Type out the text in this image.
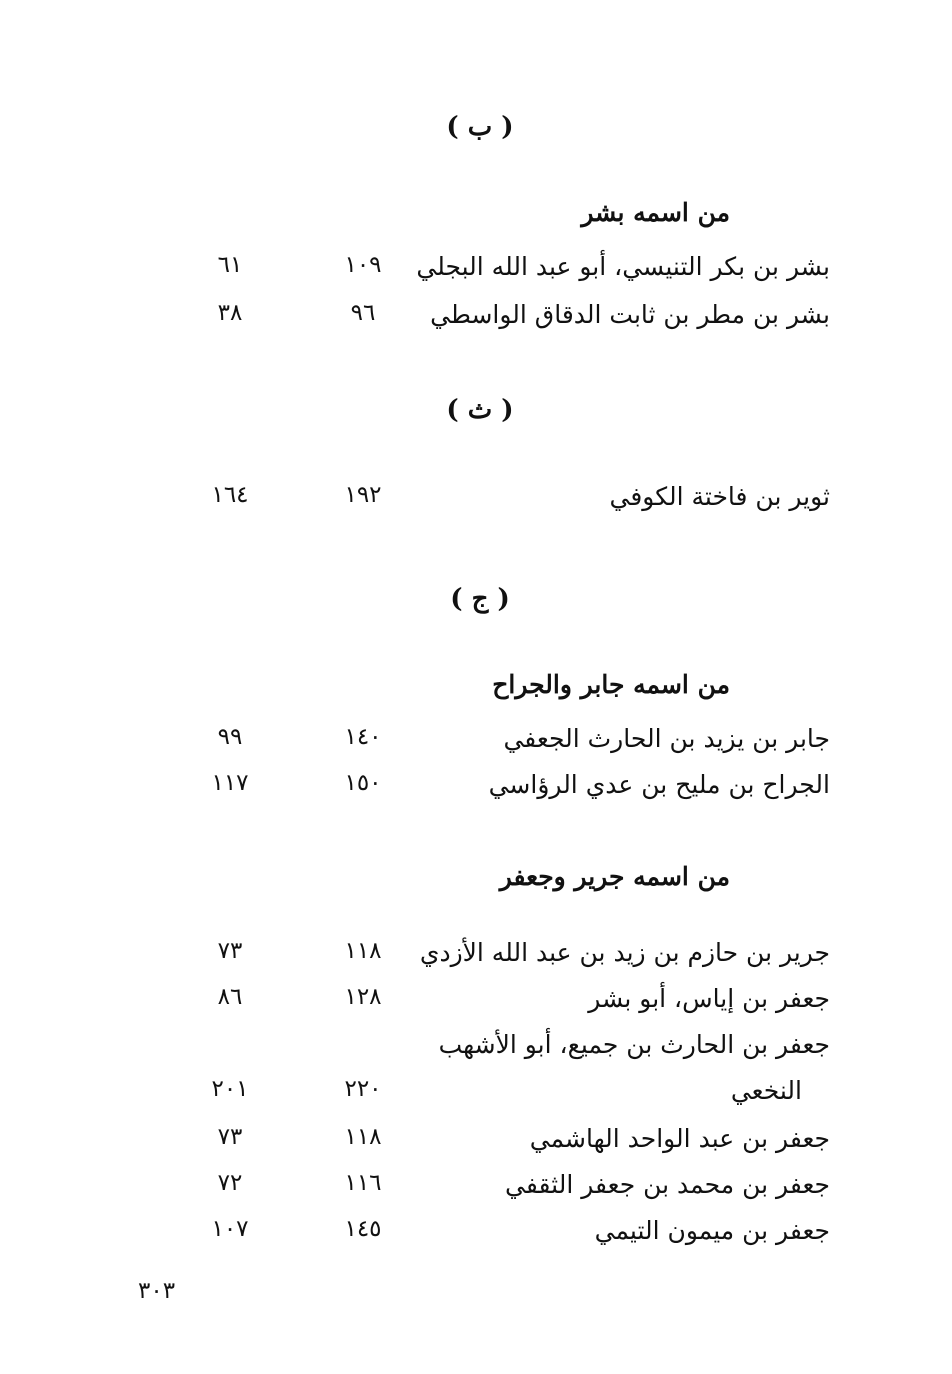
( ب )
من اسمه بشر
بشر بن بكر التنيسي، أبو عبد الله البجلي
١٠٩
٦١
بشر بن مطر بن ثابت الدقاق الواسطي
٩٦
٣٨
( ث )
ثوير بن فاختة الكوفي
١٩٢
١٦٤
( ج )
من اسمه جابر والجراح
جابر بن يزيد بن الحارث الجعفي
١٤٠
٩٩
الجراح بن مليح بن عدي الرؤاسي
١٥٠
١١٧
من اسمه جرير وجعفر
جرير بن حازم بن زيد بن عبد الله الأزدي
١١٨
٧٣
جعفر بن إياس، أبو بشر
١٢٨
٨٦
جعفر بن الحارث بن جميع، أبو الأشهب
النخعي
٢٢٠
٢٠١
جعفر بن عبد الواحد الهاشمي
١١٨
٧٣
جعفر بن محمد بن جعفر الثقفي
١١٦
٧٢
جعفر بن ميمون التيمي
١٤٥
١٠٧
٣٠٣
